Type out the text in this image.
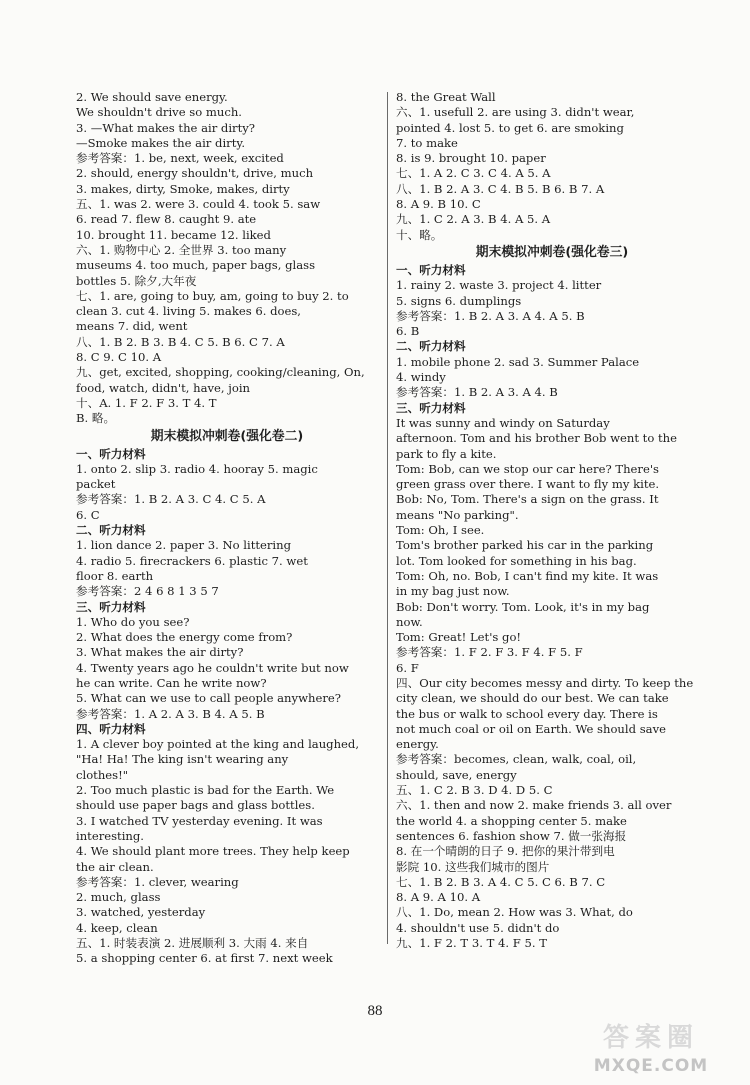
2. We should save energy.
We shouldn't drive so much.
3. —What makes the air dirty?
—Smoke makes the air dirty.
参考答案：1. be, next, week, excited
2. should, energy shouldn't, drive, much
3. makes, dirty, Smoke, makes, dirty
五、1. was 2. were 3. could 4. took 5. saw
6. read 7. flew 8. caught 9. ate
10. brought 11. became 12. liked
六、1. 购物中心 2. 全世界 3. too many
museums 4. too much, paper bags, glass
bottles 5. 除夕,大年夜
七、1. are, going to buy, am, going to buy 2. to
clean 3. cut 4. living 5. makes 6. does,
means 7. did, went
八、1. B 2. B 3. B 4. C 5. B 6. C 7. A
8. C 9. C 10. A
九、get, excited, shopping, cooking/cleaning, On,
food, watch, didn't, have, join
十、A. 1. F 2. F 3. T 4. T
B. 略。
期末模拟冲刺卷(强化卷二)
一、听力材料
1. onto 2. slip 3. radio 4. hooray 5. magic
packet
参考答案：1. B 2. A 3. C 4. C 5. A
6. C
二、听力材料
1. lion dance 2. paper 3. No littering
4. radio 5. firecrackers 6. plastic 7. wet
floor 8. earth
参考答案：2 4 6 8 1 3 5 7
三、听力材料
1. Who do you see?
2. What does the energy come from?
3. What makes the air dirty?
4. Twenty years ago he couldn't write but now
he can write. Can he write now?
5. What can we use to call people anywhere?
参考答案：1. A 2. A 3. B 4. A 5. B
四、听力材料
1. A clever boy pointed at the king and laughed,
"Ha! Ha! The king isn't wearing any
clothes!"
2. Too much plastic is bad for the Earth. We
should use paper bags and glass bottles.
3. I watched TV yesterday evening. It was
interesting.
4. We should plant more trees. They help keep
the air clean.
参考答案：1. clever, wearing
2. much, glass
3. watched, yesterday
4. keep, clean
五、1. 时装表演 2. 进展顺利 3. 大雨 4. 来自
5. a shopping center 6. at first 7. next week
8. the Great Wall
六、1. usefull 2. are using 3. didn't wear,
pointed 4. lost 5. to get 6. are smoking
7. to make
8. is 9. brought 10. paper
七、1. A 2. C 3. C 4. A 5. A
八、1. B 2. A 3. C 4. B 5. B 6. B 7. A
8. A 9. B 10. C
九、1. C 2. A 3. B 4. A 5. A
十、略。
期末模拟冲刺卷(强化卷三)
一、听力材料
1. rainy 2. waste 3. project 4. litter
5. signs 6. dumplings
参考答案：1. B 2. A 3. A 4. A 5. B
6. B
二、听力材料
1. mobile phone 2. sad 3. Summer Palace
4. windy
参考答案：1. B 2. A 3. A 4. B
三、听力材料
It was sunny and windy on Saturday
afternoon. Tom and his brother Bob went to the
park to fly a kite.
Tom: Bob, can we stop our car here? There's
green grass over there. I want to fly my kite.
Bob: No, Tom. There's a sign on the grass. It
means "No parking".
Tom: Oh, I see.
Tom's brother parked his car in the parking
lot. Tom looked for something in his bag.
Tom: Oh, no. Bob, I can't find my kite. It was
in my bag just now.
Bob: Don't worry. Tom. Look, it's in my bag
now.
Tom: Great! Let's go!
参考答案：1. F 2. F 3. F 4. F 5. F
6. F
四、Our city becomes messy and dirty. To keep the
city clean, we should do our best. We can take
the bus or walk to school every day. There is
not much coal or oil on Earth. We should save
energy.
参考答案：becomes, clean, walk, coal, oil,
should, save, energy
五、1. C 2. B 3. D 4. D 5. C
六、1. then and now 2. make friends 3. all over
the world 4. a shopping center 5. make
sentences 6. fashion show 7. 做一张海报
8. 在一个晴朗的日子 9. 把你的果汁带到电
影院 10. 这些我们城市的图片
七、1. B 2. B 3. A 4. C 5. C 6. B 7. C
8. A 9. A 10. A
八、1. Do, mean 2. How was 3. What, do
4. shouldn't use 5. didn't do
九、1. F 2. T 3. T 4. F 5. T
88
答案圈
MXQE.COM
